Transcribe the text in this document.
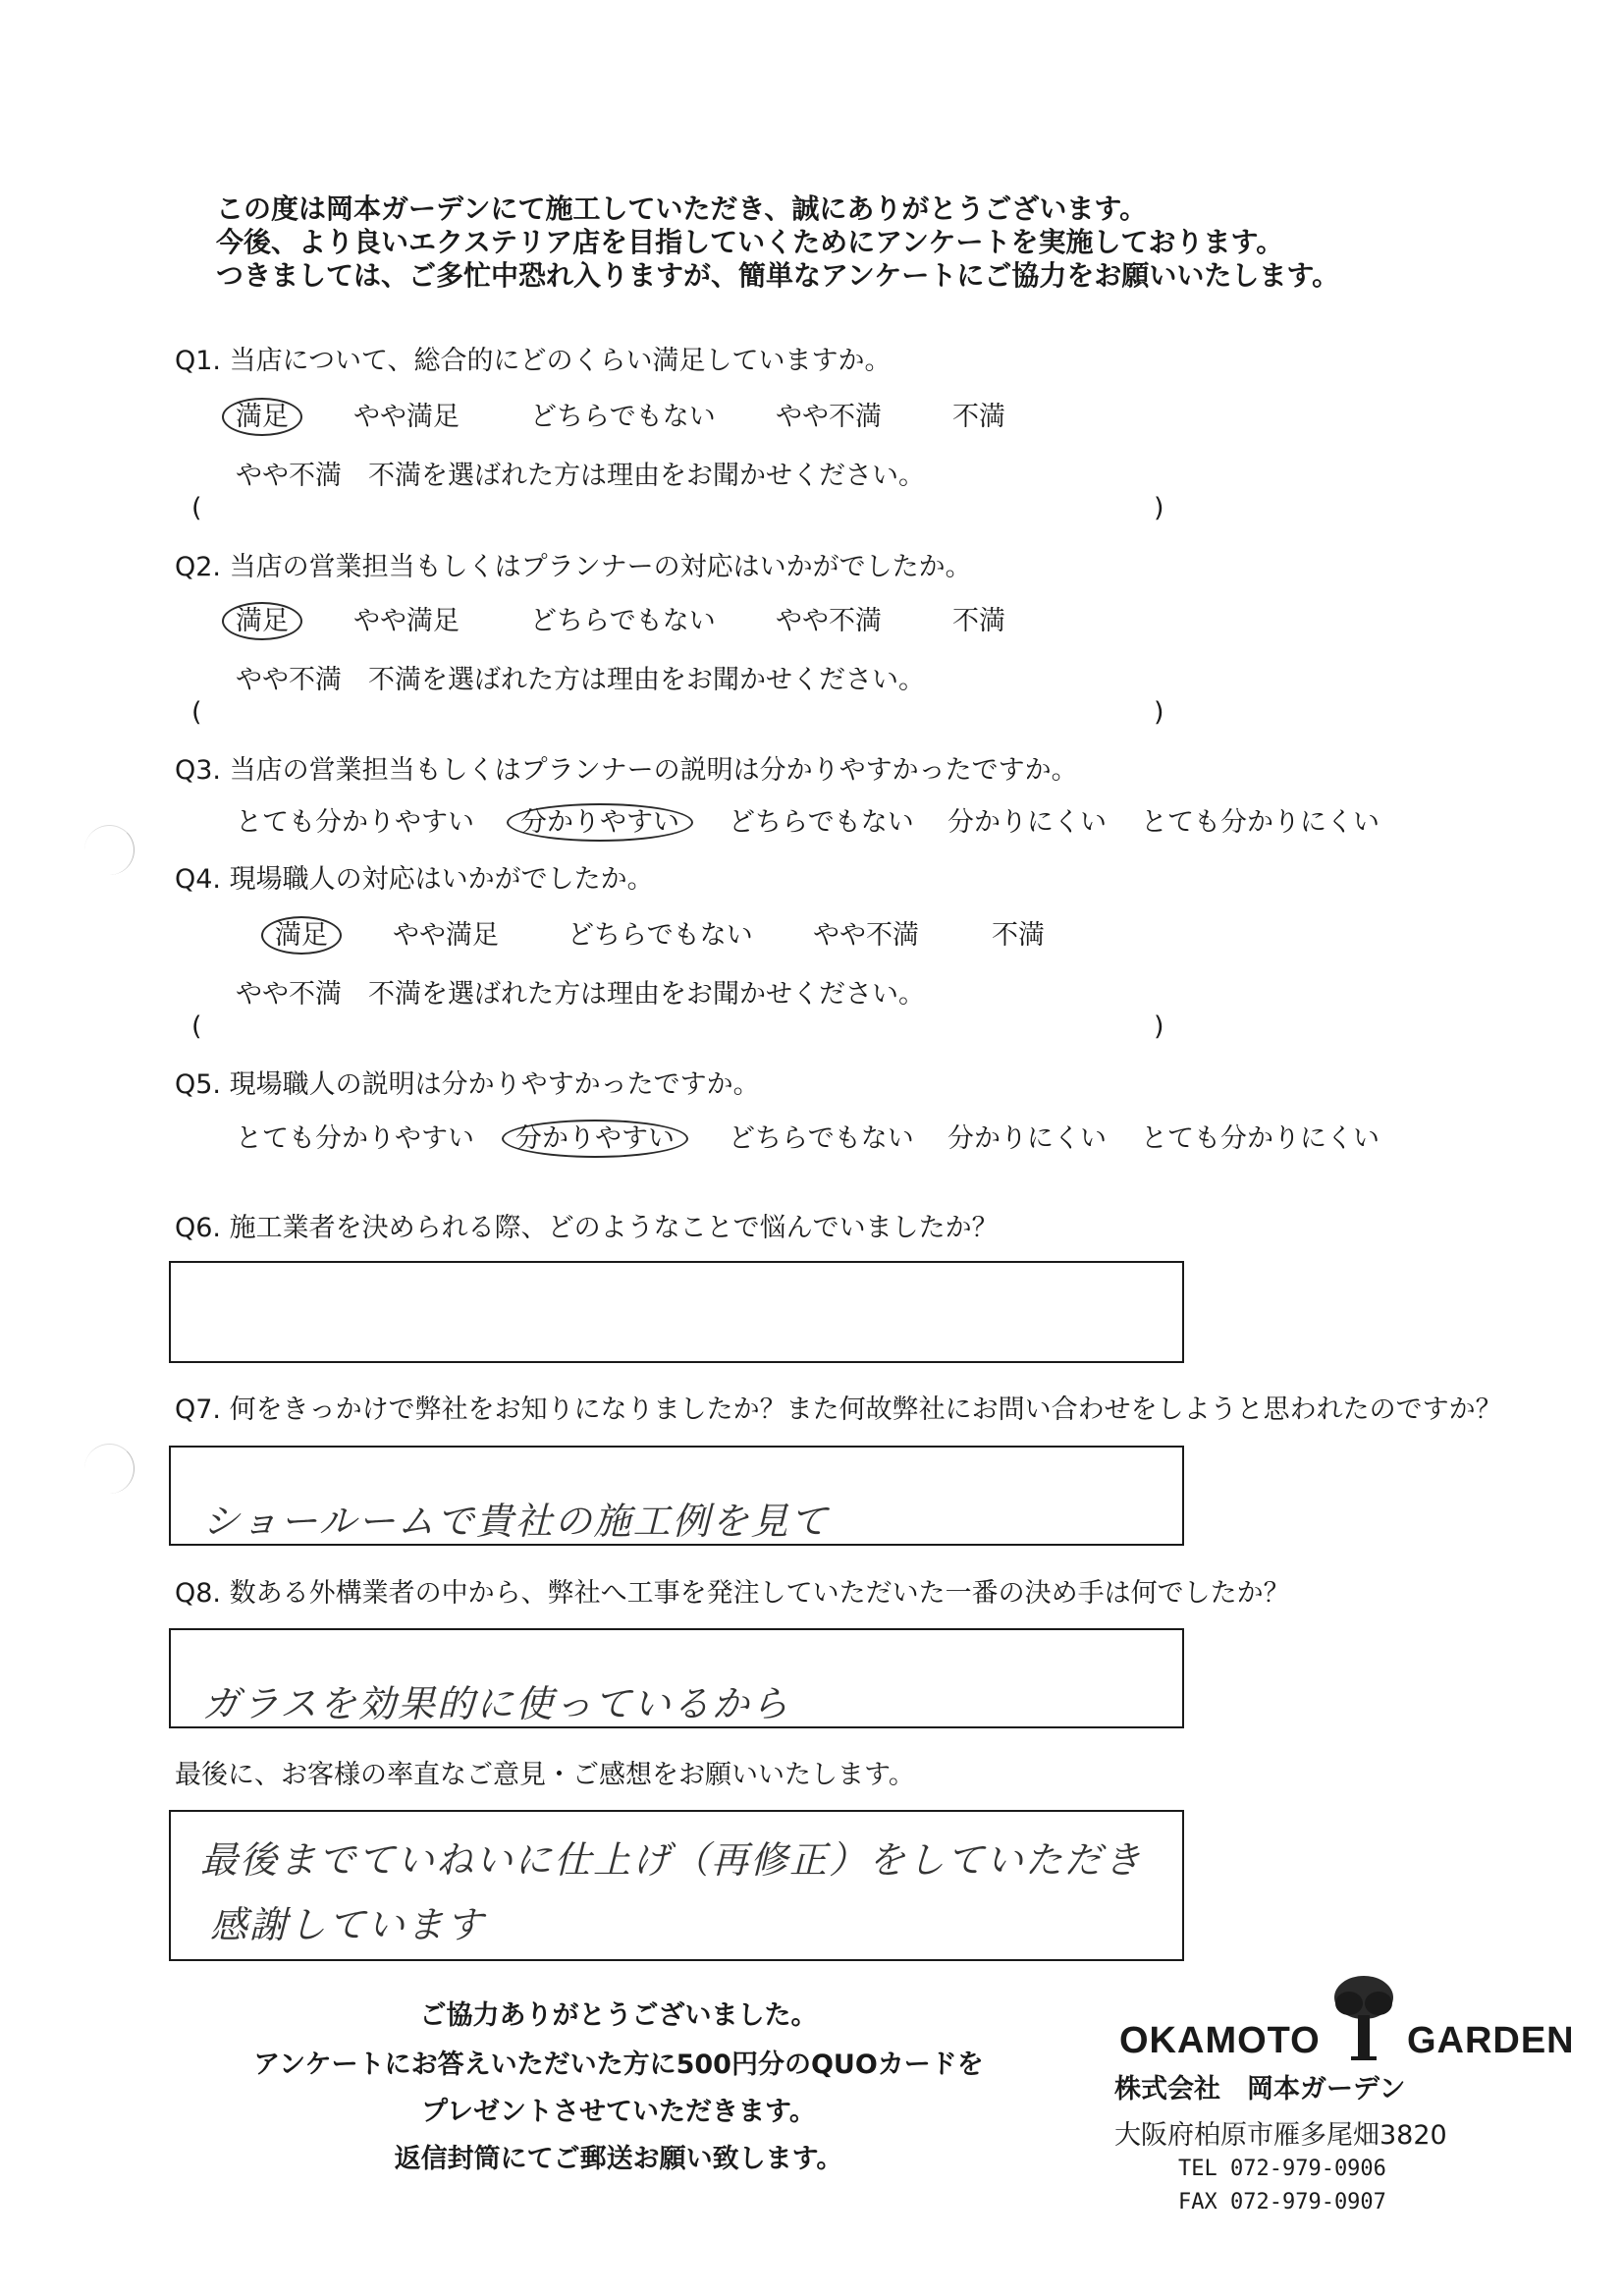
この度は岡本ガーデンにて施工していただき、誠にありがとうございます。
今後、より良いエクステリア店を目指していくためにアンケートを実施しております。
つきましては、ご多忙中恐れ入りますが、簡単なアンケートにご協力をお願いいたします。
Q1. 当店について、総合的にどのくらい満足していますか。
満足	やや満足	どちらでもない やや不満	不満
やや不満　不満を選ばれた方は理由をお聞かせください。
(	)
Q2. 当店の営業担当もしくはプランナーの対応はいかがでしたか。
満足	やや満足	どちらでもない やや不満	不満
やや不満　不満を選ばれた方は理由をお聞かせください。
(	)
Q3. 当店の営業担当もしくはプランナーの説明は分かりやすかったですか。
とても分かりやすい 分かりやすい	どちらでもない 分かりにくい とても分かりにくい
Q4. 現場職人の対応はいかがでしたか。
満足	やや満足	どちらでもない やや不満	不満
やや不満　不満を選ばれた方は理由をお聞かせください。
(	)
Q5. 現場職人の説明は分かりやすかったですか。
とても分かりやすい 分かりやすい	どちらでもない 分かりにくい とても分かりにくい
Q6. 施工業者を決められる際、どのようなことで悩んでいましたか？
Q7. 何をきっかけで弊社をお知りになりましたか？また何故弊社にお問い合わせをしようと思われたのですか？
ショールームで貴社の施工例を見て
Q8. 数ある外構業者の中から、弊社へ工事を発注していただいた一番の決め手は何でしたか？
ガラスを効果的に使っているから
最後に、お客様の率直なご意見・ご感想をお願いいたします。
最後までていねいに仕上げ（再修正）をしていただき
感謝しています
ご協力ありがとうございました。
アンケートにお答えいただいた方に500円分のQUOカードを
プレゼントさせていただきます。
返信封筒にてご郵送お願い致します。
OKAMOTO GARDEN
株式会社　岡本ガーデン
大阪府柏原市雁多尾畑3820
TEL 072-979-0906
FAX 072-979-0907
